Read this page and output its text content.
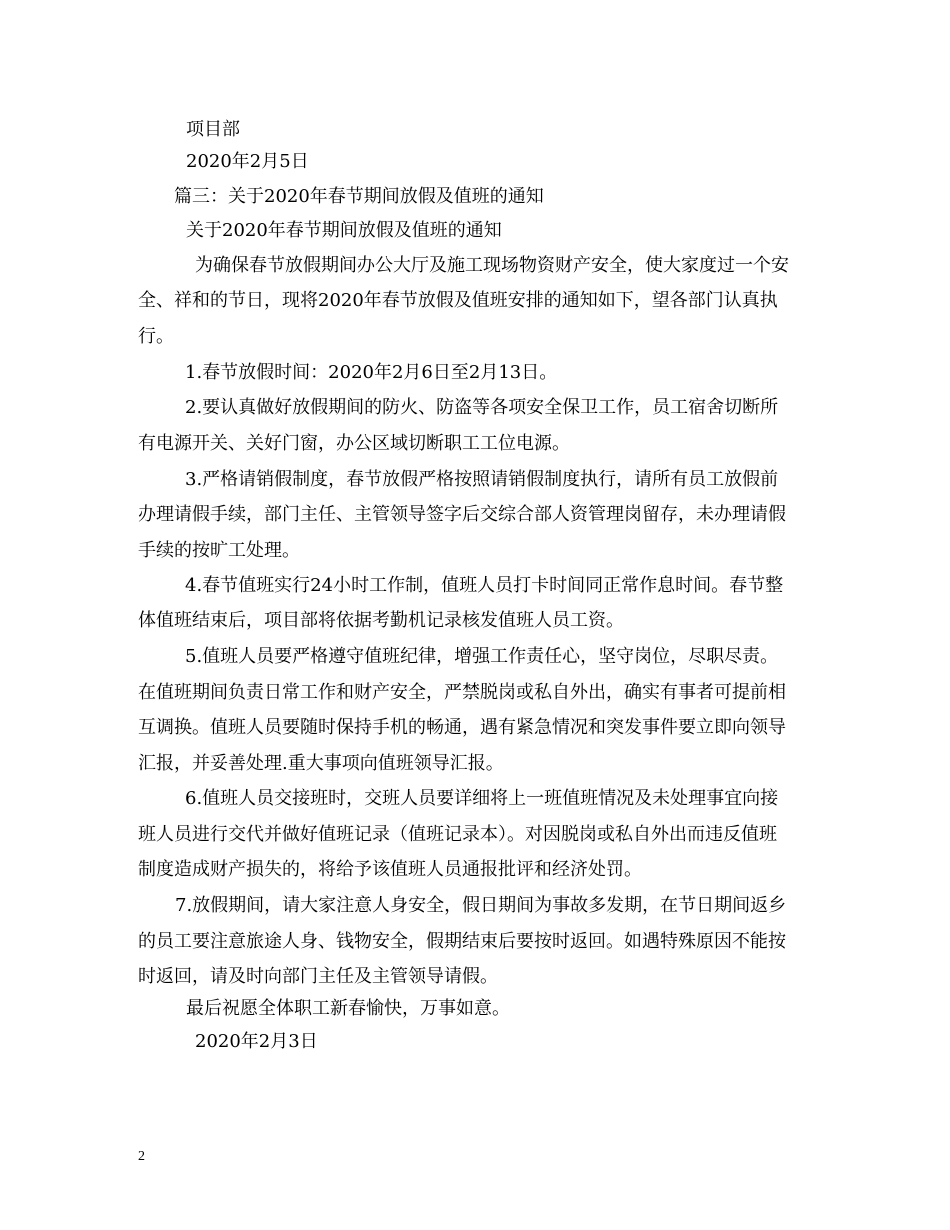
项目部
2020年2月5日
篇三：关于2020年春节期间放假及值班的通知
关于2020年春节期间放假及值班的通知
为确保春节放假期间办公大厅及施工现场物资财产安全，使大家度过一个安
全、祥和的节日，现将2020年春节放假及值班安排的通知如下，望各部门认真执
行。
1.春节放假时间：2020年2月6日至2月13日。
2.要认真做好放假期间的防火、防盗等各项安全保卫工作，员工宿舍切断所
有电源开关、关好门窗，办公区域切断职工工位电源。
3.严格请销假制度，春节放假严格按照请销假制度执行，请所有员工放假前
办理请假手续，部门主任、主管领导签字后交综合部人资管理岗留存，未办理请假
手续的按旷工处理。
4.春节值班实行24小时工作制，值班人员打卡时间同正常作息时间。春节整
体值班结束后，项目部将依据考勤机记录核发值班人员工资。
5.值班人员要严格遵守值班纪律，增强工作责任心，坚守岗位，尽职尽责。
在值班期间负责日常工作和财产安全，严禁脱岗或私自外出，确实有事者可提前相
互调换。值班人员要随时保持手机的畅通，遇有紧急情况和突发事件要立即向领导
汇报，并妥善处理.重大事项向值班领导汇报。
6.值班人员交接班时，交班人员要详细将上一班值班情况及未处理事宜向接
班人员进行交代并做好值班记录（值班记录本）。对因脱岗或私自外出而违反值班
制度造成财产损失的，将给予该值班人员通报批评和经济处罚。
7.放假期间，请大家注意人身安全，假日期间为事故多发期，在节日期间返乡
的员工要注意旅途人身、钱物安全，假期结束后要按时返回。如遇特殊原因不能按
时返回，请及时向部门主任及主管领导请假。
最后祝愿全体职工新春愉快，万事如意。
2020年2月3日
2
